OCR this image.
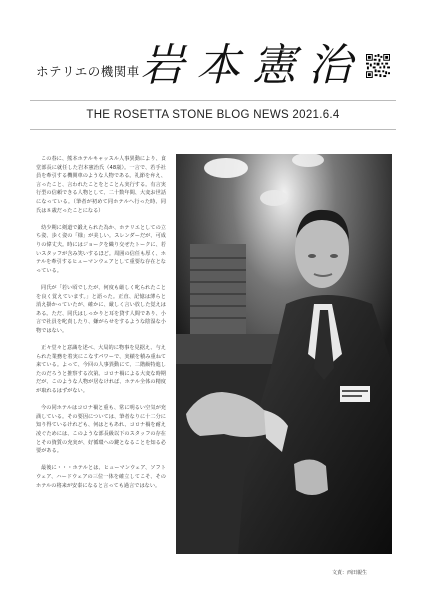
ホテリエの機関車 岩本憲治
THE ROSETTA STONE BLOG NEWS 2021.6.4

この春に、熊本ホテルキャッスル人事異動により、食堂部長に就任した岩本憲治氏（48歳）。一言で、若手社員を牽引する機関車のような人物である。礼節を弁え、言ったこと、言われたことをとことん実行する。有言実行型の信頼できる人物として、二十数年間、大変お世話になっている。（筆者が初めて同ホテルへ行った時、同氏は８歳だったことになる）

幼少期に剣道で鍛えられた為か、ホテリエとしての立ち姿、歩く姿の「様」が美しい。スレンダーだが、可成りの偉丈夫。時にはジョークを織り交ぜたトークに、若いスタッフが含み笑いするほど。周囲の信任も厚く、ホテルを牽引するヒューマンウェアとして重要な存在となっている。

同氏が「若い頃でしたが、何度も厳しく叱られたことを良く覚えています。」と語った。正直、記憶は薄らと消え掛かっていたが、確かに、厳しく言い放した覚えはある。ただ、同氏はしっかりと耳を貸す人間であり、小言で社員を叱責したり、嫌がらせをするような陰湿な小物ではない。

正々堂々と意識を述べ、大局的に物事を見据え、与えられた業務を着実にこなすパワーで、実績を積み重ねて来ている。よって、今回の人事異動にて、二階級特進したのだろうと推察する次第。コロナ禍による大変な時期だが、このような人物が居なければ、ホテル全体の精度が取れるはずがない。

今の同ホテルはコロナ禍と重も、常に明るい空気が充満している。その要因については、筆者なりに十二分に知り得ているけれども、何はともあれ、コロナ禍を耐え凌ぐためには、このような部長級以下のスタッフの存在とその資質の充実が、好循環への鍵となることを知る必要がある。

最後に・・・ホテルとは、ヒューマンウェア、ソフトウェア、ハードウェアの三位一体を確立してこそ、そのホテルの将来が安泰になると言っても過言ではない。

文責：西田親生
